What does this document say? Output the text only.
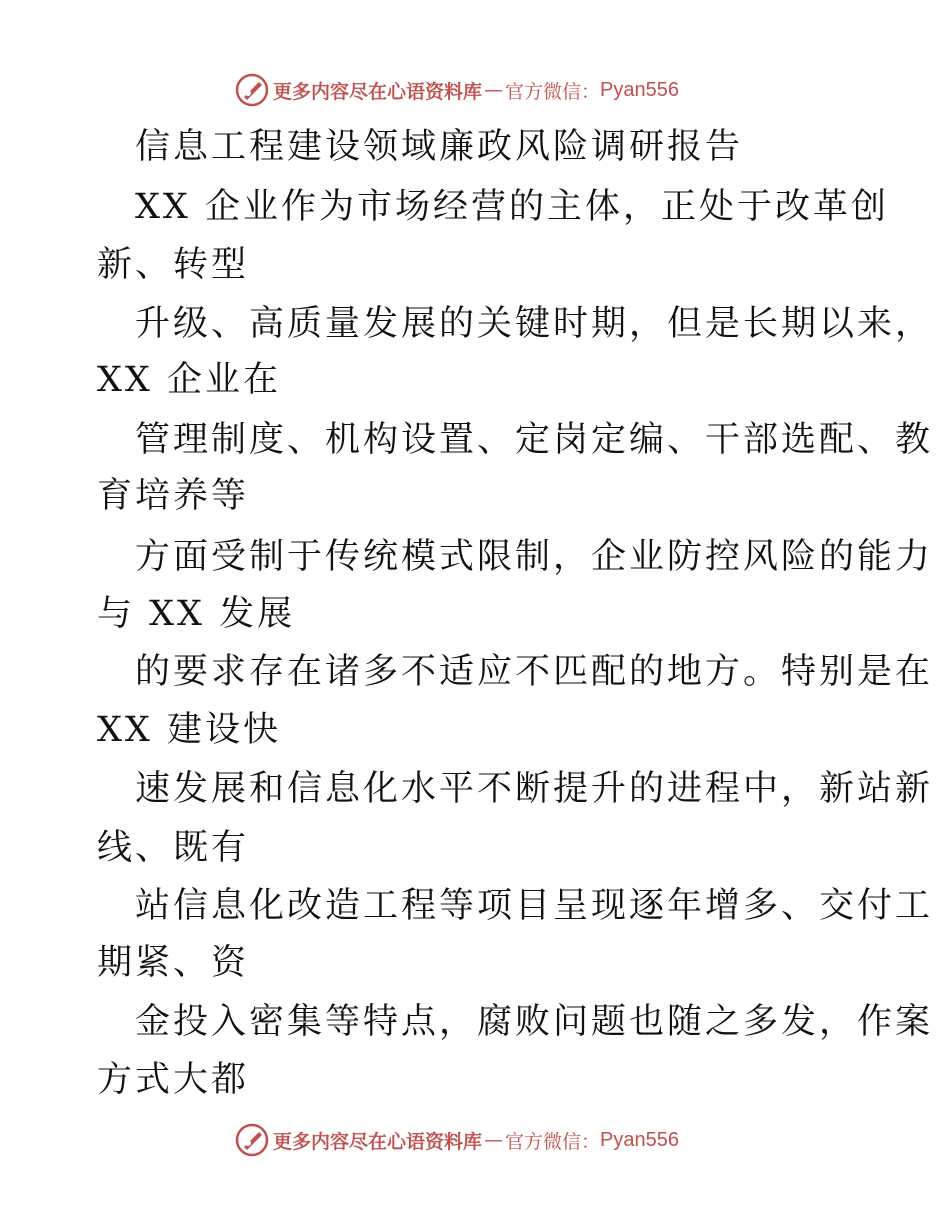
更多内容尽在心语资料库 — 官方微信： Pyan556
信息工程建设领域廉政风险调研报告
XX 企业作为市场经营的主体，正处于改革创
新、转型
升级、高质量发展的关键时期，但是长期以来，
XX 企业在
管理制度、机构设置、定岗定编、干部选配、教
育培养等
方面受制于传统模式限制，企业防控风险的能力
与 XX 发展
的要求存在诸多不适应不匹配的地方。特别是在
XX 建设快
速发展和信息化水平不断提升的进程中，新站新
线、既有
站信息化改造工程等项目呈现逐年增多、交付工
期紧、资
金投入密集等特点，腐败问题也随之多发，作案
方式大都
更多内容尽在心语资料库 — 官方微信： Pyan556
